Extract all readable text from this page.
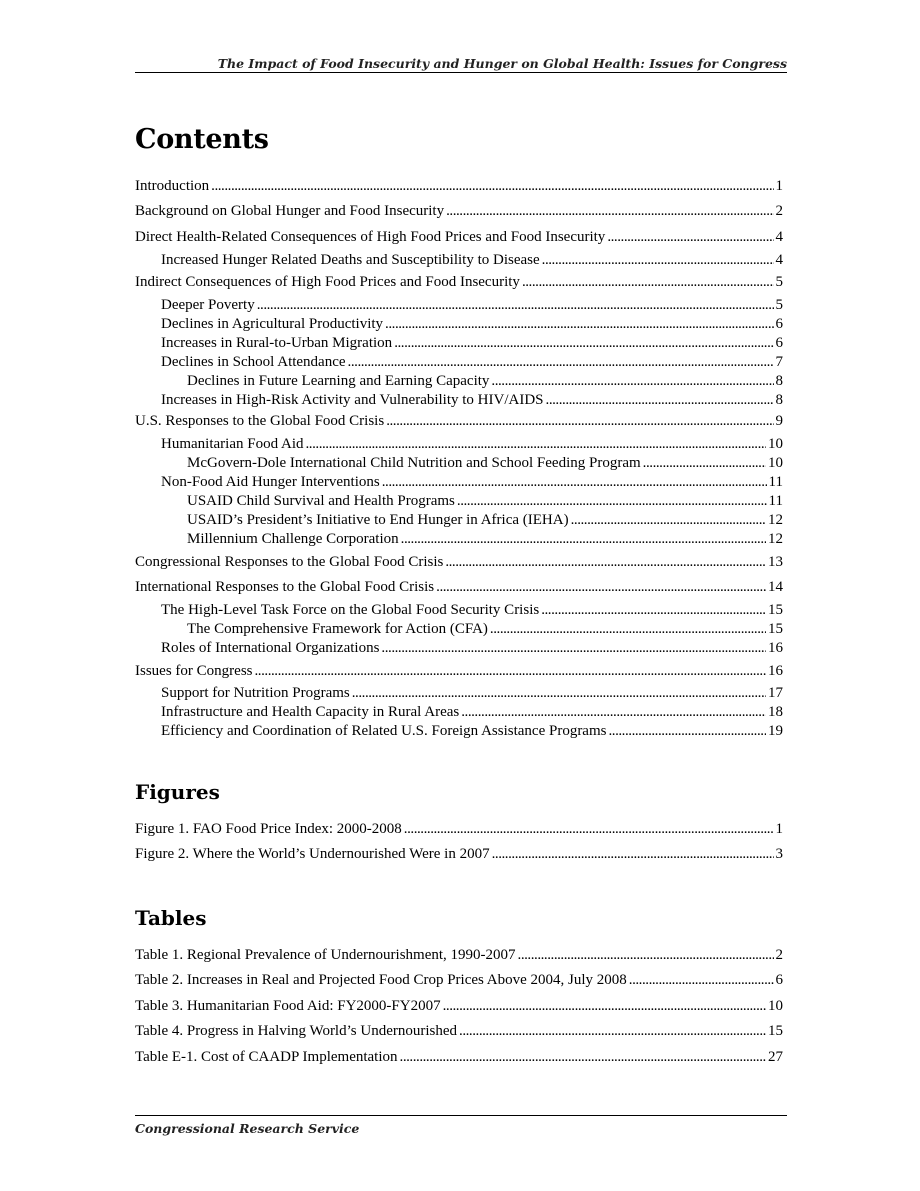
The Impact of Food Insecurity and Hunger on Global Health: Issues for Congress
Contents
Introduction . . .	1
Background on Global Hunger and Food Insecurity . . .	2
Direct Health-Related Consequences of High Food Prices and Food Insecurity . . .	4
Increased Hunger Related Deaths and Susceptibility to Disease . . .	4
Indirect Consequences of High Food Prices and Food Insecurity . . .	5
Deeper Poverty . . .	5
Declines in Agricultural Productivity . . .	6
Increases in Rural-to-Urban Migration . . .	6
Declines in School Attendance . . .	7
Declines in Future Learning and Earning Capacity . . .	8
Increases in High-Risk Activity and Vulnerability to HIV/AIDS . . .	8
U.S. Responses to the Global Food Crisis . . .	9
Humanitarian Food Aid . . .	10
McGovern-Dole International Child Nutrition and School Feeding Program . . .	10
Non-Food Aid Hunger Interventions . . .	11
USAID Child Survival and Health Programs . . .	11
USAID’s President’s Initiative to End Hunger in Africa (IEHA) . . .	12
Millennium Challenge Corporation . . .	12
Congressional Responses to the Global Food Crisis . . .	13
International Responses to the Global Food Crisis . . .	14
The High-Level Task Force on the Global Food Security Crisis . . .	15
The Comprehensive Framework for Action (CFA) . . .	15
Roles of International Organizations . . .	16
Issues for Congress . . .	16
Support for Nutrition Programs . . .	17
Infrastructure and Health Capacity in Rural Areas . . .	18
Efficiency and Coordination of Related U.S. Foreign Assistance Programs . . .	19
Figures
Figure 1. FAO Food Price Index: 2000-2008 . . .	1
Figure 2. Where the World’s Undernourished Were in 2007 . . .	3
Tables
Table 1. Regional Prevalence of Undernourishment, 1990-2007 . . .	2
Table 2. Increases in Real and Projected Food Crop Prices Above 2004, July 2008 . . .	6
Table 3. Humanitarian Food Aid: FY2000-FY2007 . . .	10
Table 4. Progress in Halving World’s Undernourished . . .	15
Table E-1. Cost of CAADP Implementation . . .	27
Congressional Research Service
